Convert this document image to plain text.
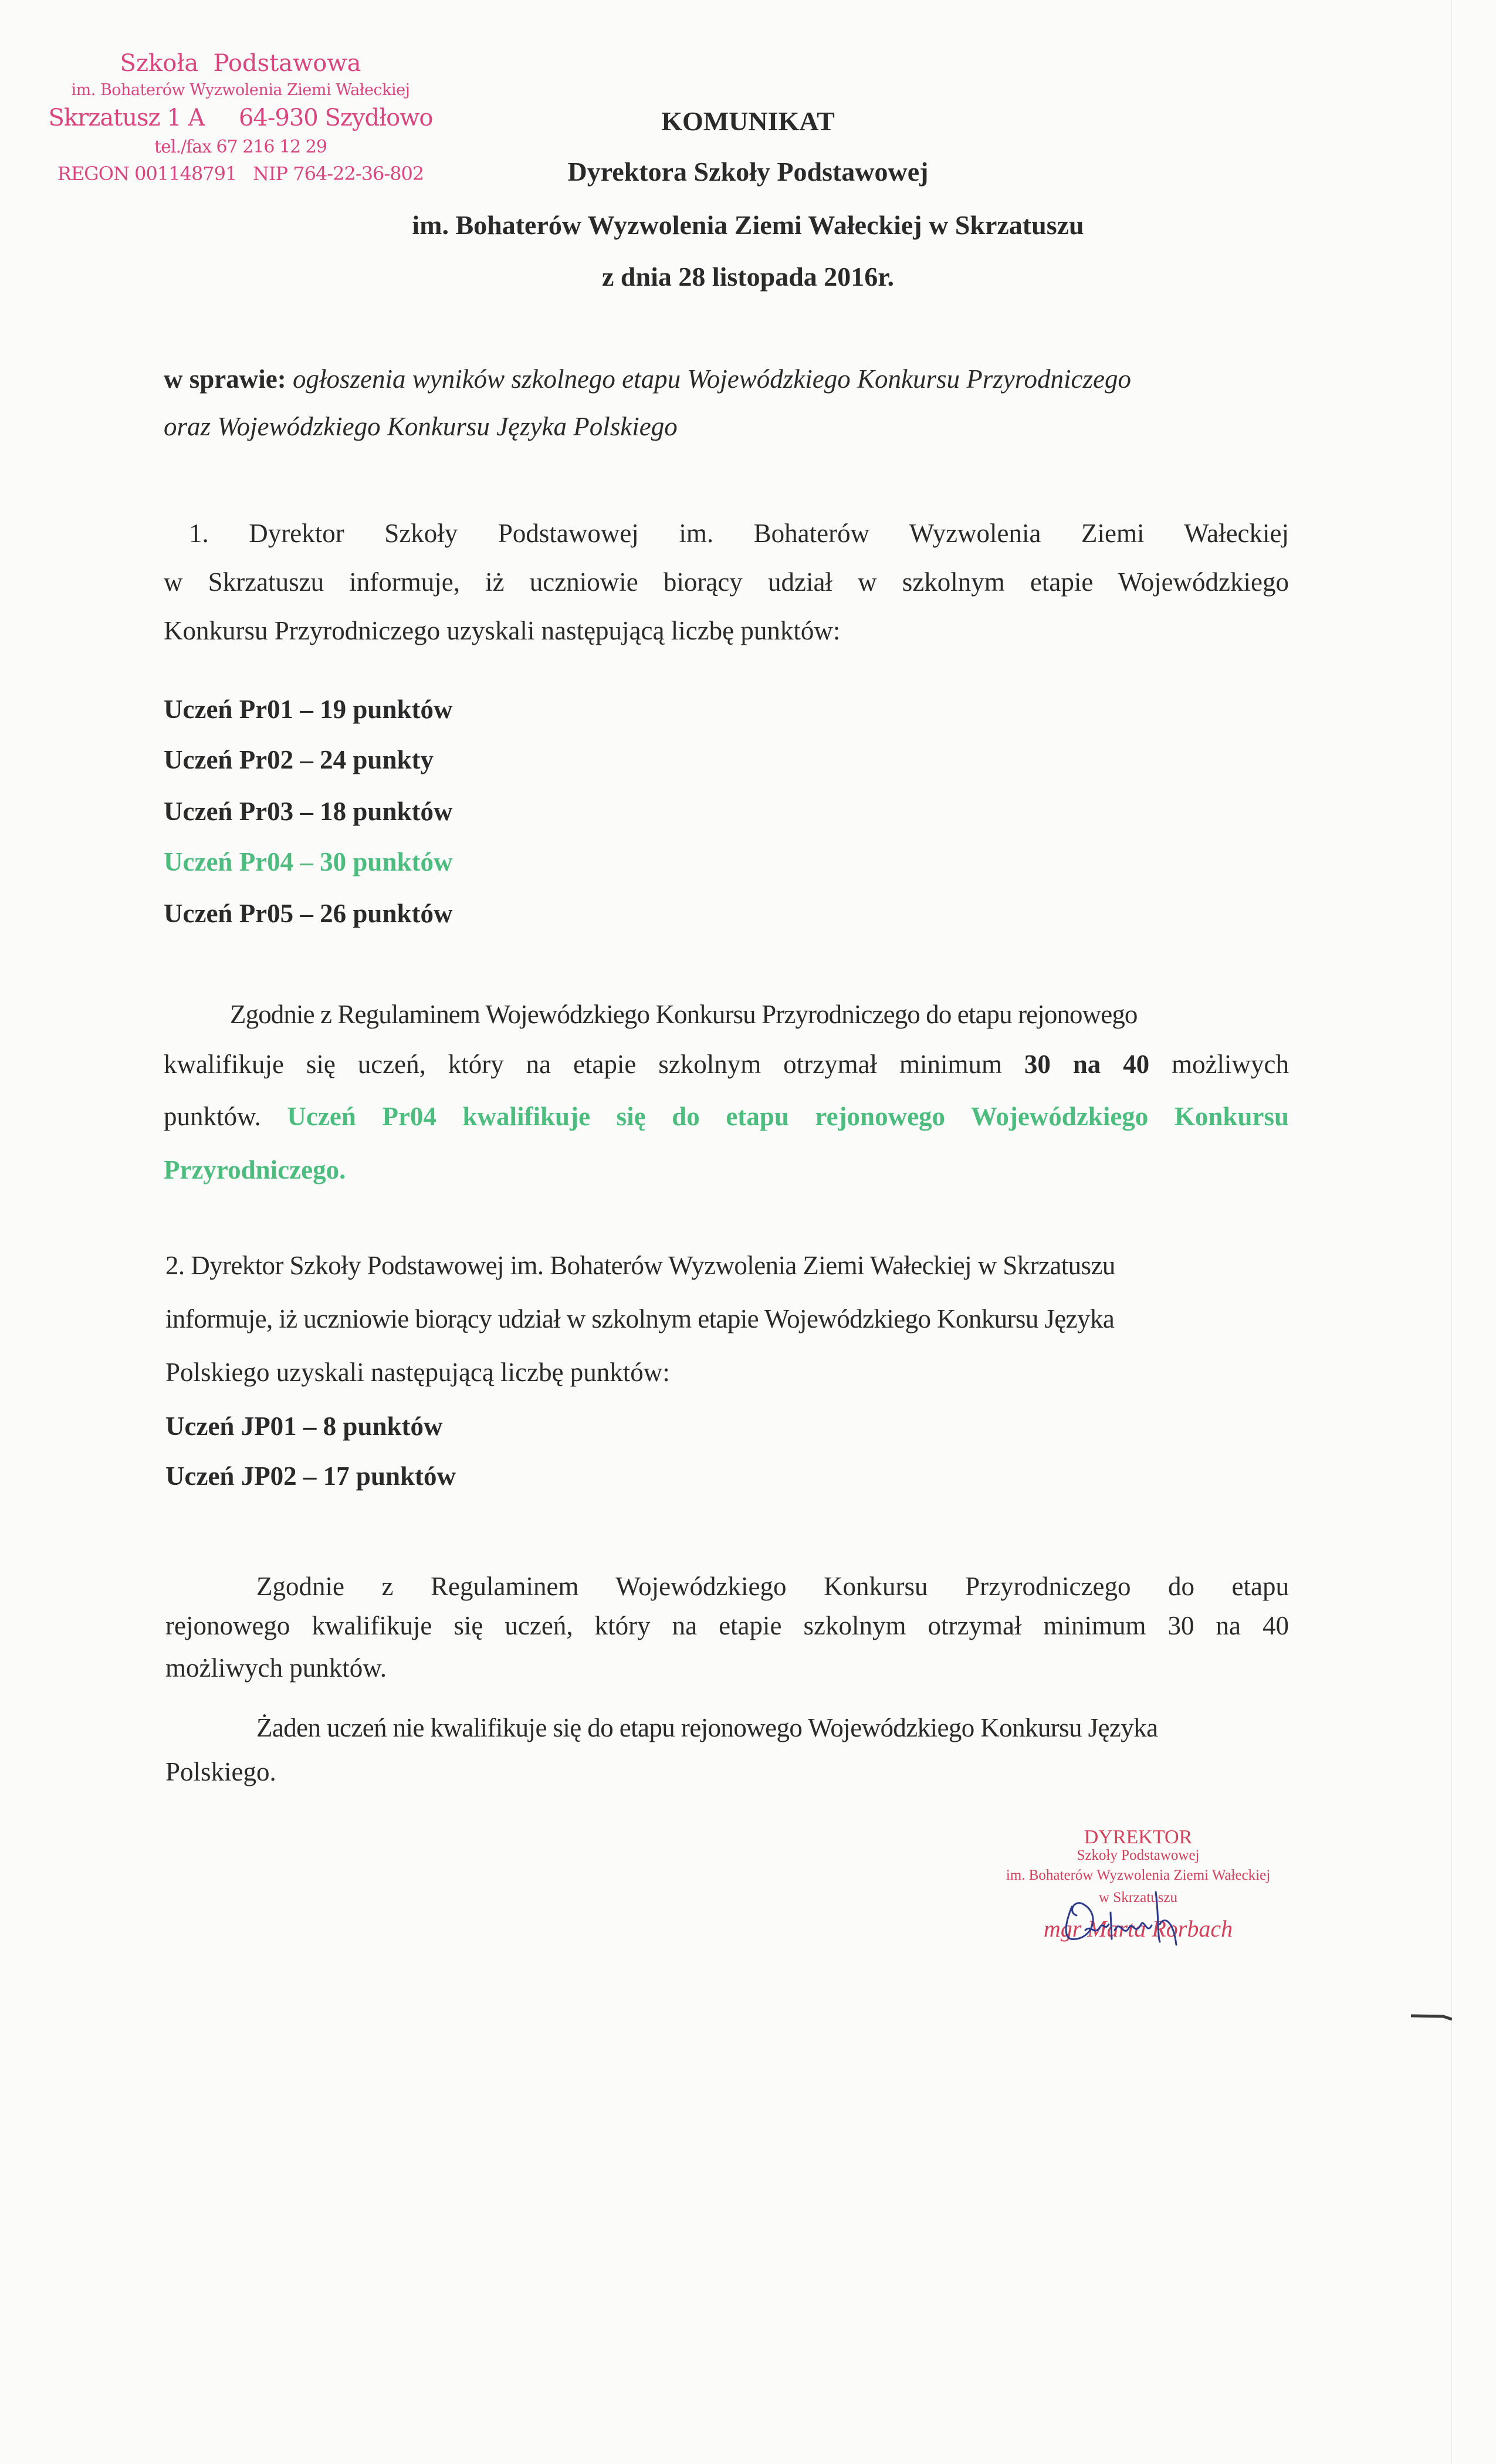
Szkoła  Podstawowa
im. Bohaterów Wyzwolenia Ziemi Wałeckiej
Skrzatusz 1 A     64-930 Szydłowo
tel./fax 67 216 12 29
REGON 001148791   NIP 764-22-36-802
KOMUNIKAT
Dyrektora Szkoły Podstawowej
im. Bohaterów Wyzwolenia Ziemi Wałeckiej w Skrzatuszu
z dnia 28 listopada 2016r.
w sprawie: ogłoszenia wyników szkolnego etapu Wojewódzkiego Konkursu Przyrodniczego
oraz Wojewódzkiego Konkursu Języka Polskiego
1. Dyrektor Szkoły Podstawowej im. Bohaterów Wyzwolenia Ziemi Wałeckiej
w Skrzatuszu informuje, iż uczniowie biorący udział w szkolnym etapie Wojewódzkiego
Konkursu Przyrodniczego uzyskali następującą liczbę punktów:
Uczeń Pr01 – 19 punktów
Uczeń Pr02 – 24 punkty
Uczeń Pr03 – 18 punktów
Uczeń Pr04 – 30 punktów
Uczeń Pr05 – 26 punktów
Zgodnie z Regulaminem Wojewódzkiego Konkursu Przyrodniczego do etapu rejonowego
kwalifikuje się uczeń, który na etapie szkolnym otrzymał minimum 30 na 40 możliwych
punktów. Uczeń Pr04 kwalifikuje się do etapu rejonowego Wojewódzkiego Konkursu
Przyrodniczego.
2. Dyrektor Szkoły Podstawowej im. Bohaterów Wyzwolenia Ziemi Wałeckiej w Skrzatuszu
informuje, iż uczniowie biorący udział w szkolnym etapie Wojewódzkiego Konkursu Języka
Polskiego uzyskali następującą liczbę punktów:
Uczeń JP01 – 8 punktów
Uczeń JP02 – 17 punktów
Zgodnie z Regulaminem Wojewódzkiego Konkursu Przyrodniczego do etapu
rejonowego kwalifikuje się uczeń, który na etapie szkolnym otrzymał minimum 30 na 40
możliwych punktów.
Żaden uczeń nie kwalifikuje się do etapu rejonowego Wojewódzkiego Konkursu Języka
Polskiego.
DYREKTOR
Szkoły Podstawowej
im. Bohaterów Wyzwolenia Ziemi Wałeckiej
w Skrzatuszu
mgr Marta Rorbach
